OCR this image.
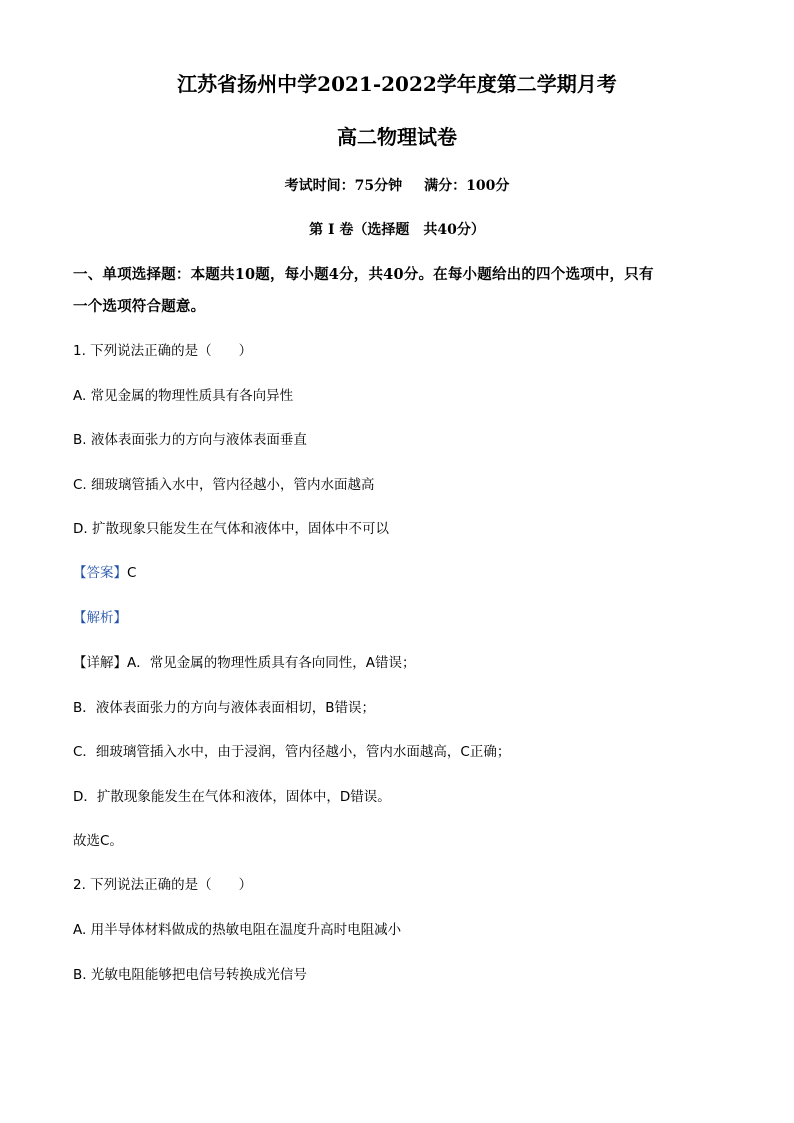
江苏省扬州中学2021-2022学年度第二学期月考
高二物理试卷
考试时间：75分钟 满分：100分
第 Ⅰ 卷（选择题　共40分）
一、单项选择题：本题共10题，每小题4分，共40分。在每小题给出的四个选项中，只有
一个选项符合题意。
1. 下列说法正确的是（　　）
A. 常见金属的物理性质具有各向异性
B. 液体表面张力的方向与液体表面垂直
C. 细玻璃管插入水中，管内径越小，管内水面越高
D. 扩散现象只能发生在气体和液体中，固体中不可以
【答案】C
【解析】
【详解】A．常见金属的物理性质具有各向同性，A错误；
B．液体表面张力的方向与液体表面相切，B错误；
C．细玻璃管插入水中，由于浸润，管内径越小，管内水面越高，C正确；
D．扩散现象能发生在气体和液体，固体中，D错误。
故选C。
2. 下列说法正确的是（　　）
A. 用半导体材料做成的热敏电阻在温度升高时电阻减小
B. 光敏电阻能够把电信号转换成光信号
